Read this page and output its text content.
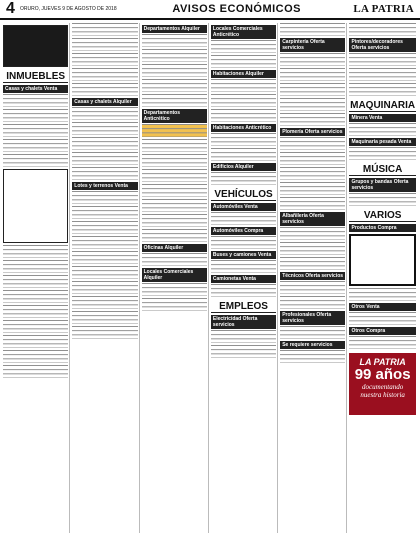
4	ORURO, JUEVES 9 DE AGOSTO DE 2018	AVISOS ECONÓMICOS	LA PATRIA
INMUEBLES
Casas y chalets Venta
Casas y chalets Alquiler
Lotes y terrenos Venta
Departamentos Alquiler
Departamentos Anticrético
Oficinas Alquiler
Locales Comerciales Alquiler
Locales Comerciales Anticrético
Habitaciones Alquiler
Habitaciones Anticrético
Edificios Alquiler
VEHÍCULOS
Automóviles Venta
Automóviles Compra
Buses y camiones Venta
Camionetas Venta
EMPLEOS
Electricidad Oferta servicios
Carpintería Oferta servicios
Plomería Oferta servicios
Albañilería Oferta servicios
Técnicos Oferta servicios
Profesionales Oferta servicios
Se requiere servicios
Pintores/decoradores Oferta servicios
MAQUINARIA
Minera Venta
Maquinaria pesada Venta
MÚSICA
Grupos y bandas Oferta servicios
VARIOS
Productos Compra
Otros Venta
Otros Compra
LA PATRIA
99 años
documentando nuestra historia
